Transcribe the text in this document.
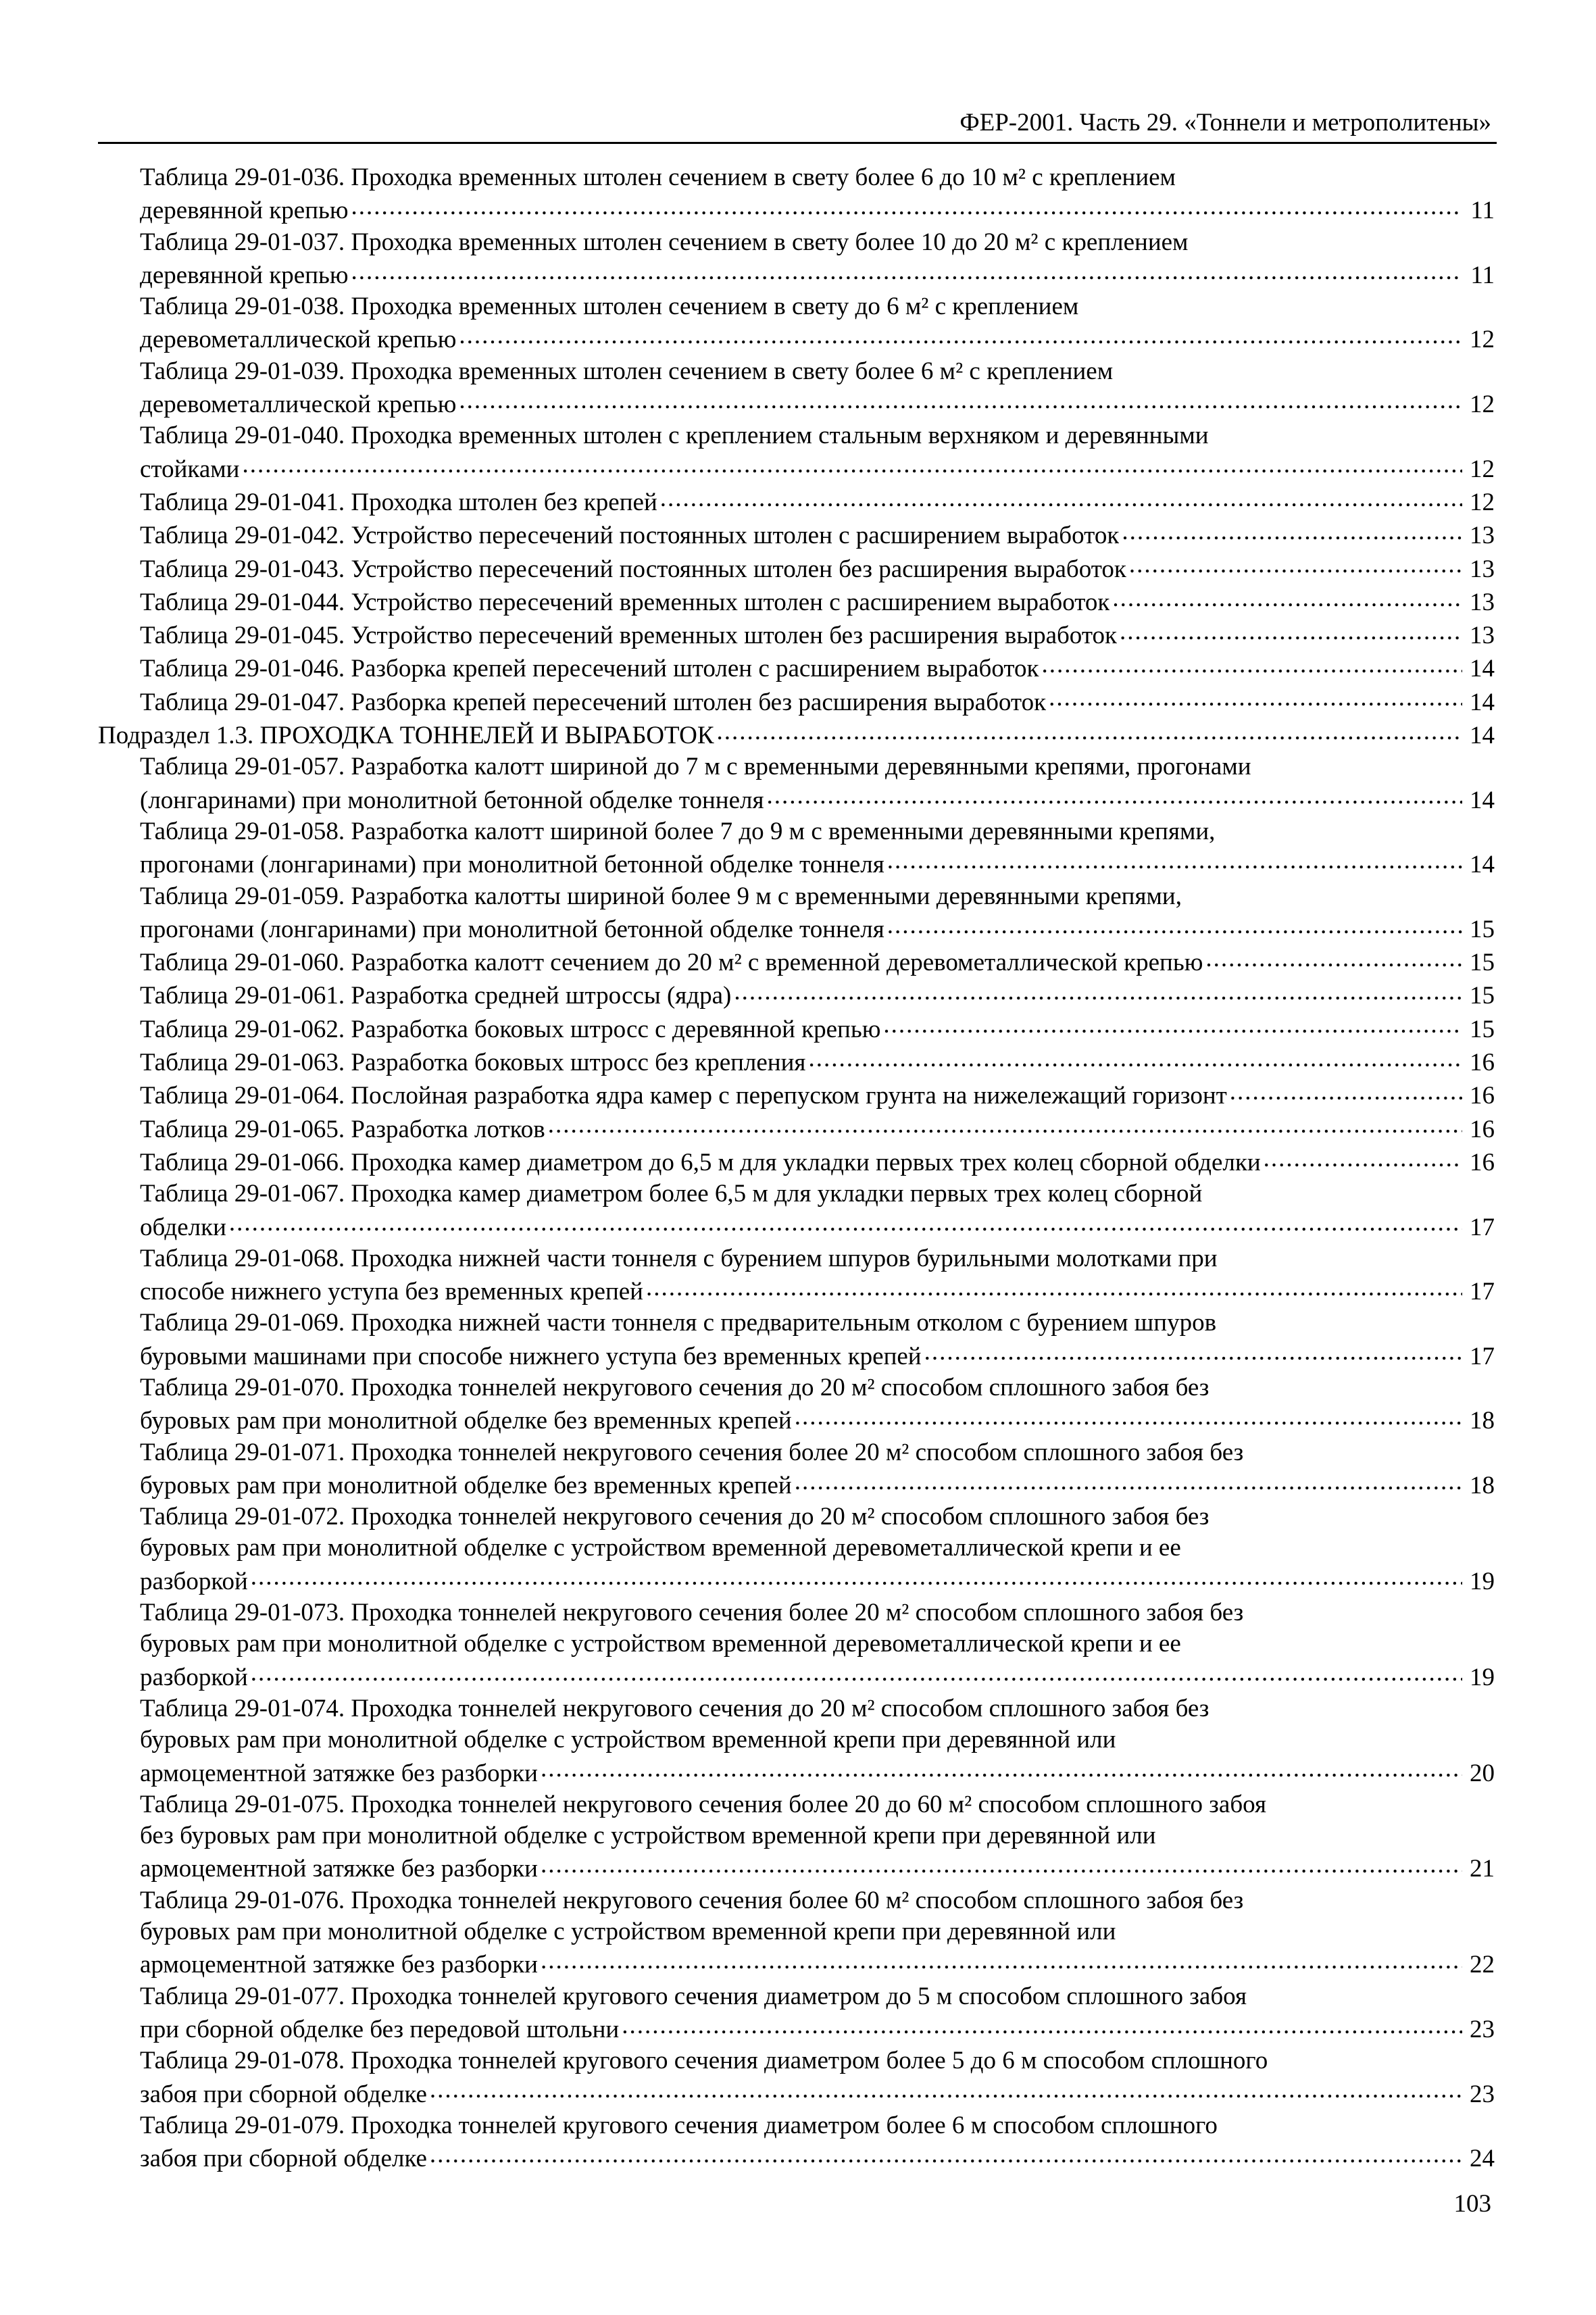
ФЕР-2001. Часть 29. «Тоннели и метрополитены»
Таблица 29-01-036. Проходка временных штолен сечением в свету более 6 до 10 м² с креплением
деревянной крепью .....	11
Таблица 29-01-037. Проходка временных штолен сечением в свету более 10 до 20 м² с креплением
деревянной крепью .....	11
Таблица 29-01-038. Проходка временных штолен сечением в свету до 6 м² с креплением
деревометаллической крепью .....	12
Таблица 29-01-039. Проходка временных штолен сечением в свету более 6 м² с креплением
деревометаллической крепью .....	12
Таблица 29-01-040. Проходка временных штолен с креплением стальным верхняком и деревянными
стойками .....	12
Таблица 29-01-041. Проходка штолен без крепей .....	12
Таблица 29-01-042. Устройство пересечений постоянных штолен с расширением выработок .....	13
Таблица 29-01-043. Устройство пересечений постоянных штолен без расширения выработок .....	13
Таблица 29-01-044. Устройство пересечений временных штолен с расширением выработок .....	13
Таблица 29-01-045. Устройство пересечений временных штолен без расширения выработок .....	13
Таблица 29-01-046. Разборка крепей пересечений штолен с расширением выработок .....	14
Таблица 29-01-047. Разборка крепей пересечений штолен без расширения выработок .....	14
Подраздел 1.3. ПРОХОДКА ТОННЕЛЕЙ И ВЫРАБОТОК .....	14
Таблица 29-01-057. Разработка калотт шириной до 7 м с временными деревянными крепями, прогонами
(лонгаринами) при монолитной бетонной обделке тоннеля .....	14
Таблица 29-01-058. Разработка калотт шириной более 7 до 9 м с временными деревянными крепями,
прогонами (лонгаринами) при монолитной бетонной обделке тоннеля .....	14
Таблица 29-01-059. Разработка калотты шириной более 9 м с временными деревянными крепями,
прогонами (лонгаринами) при монолитной бетонной обделке тоннеля .....	15
Таблица 29-01-060. Разработка калотт сечением до 20 м² с временной деревометаллической крепью .....	15
Таблица 29-01-061. Разработка средней штроссы (ядра) .....	15
Таблица 29-01-062. Разработка боковых штросс с деревянной крепью .....	15
Таблица 29-01-063. Разработка боковых штросс без крепления .....	16
Таблица 29-01-064. Послойная разработка ядра камер с перепуском грунта на нижележащий горизонт .....	16
Таблица 29-01-065. Разработка лотков .....	16
Таблица 29-01-066. Проходка камер диаметром до 6,5 м для укладки первых трех колец сборной обделки .....	16
Таблица 29-01-067. Проходка камер диаметром более 6,5 м для укладки первых трех колец сборной
обделки .....	17
Таблица 29-01-068. Проходка нижней части тоннеля с бурением шпуров бурильными молотками при
способе нижнего уступа без временных крепей .....	17
Таблица 29-01-069. Проходка нижней части тоннеля с предварительным отколом с бурением шпуров
буровыми машинами при способе нижнего уступа без временных крепей .....	17
Таблица 29-01-070. Проходка тоннелей некругового сечения до 20 м² способом сплошного забоя без
буровых рам при монолитной обделке без временных крепей .....	18
Таблица 29-01-071. Проходка тоннелей некругового сечения более 20 м² способом сплошного забоя без
буровых рам при монолитной обделке без временных крепей .....	18
Таблица 29-01-072. Проходка тоннелей некругового сечения до 20 м² способом сплошного забоя без
буровых рам при монолитной обделке с устройством временной деревометаллической крепи и ее
разборкой .....	19
Таблица 29-01-073. Проходка тоннелей некругового сечения более 20 м² способом сплошного забоя без
буровых рам при монолитной обделке с устройством временной деревометаллической крепи и ее
разборкой .....	19
Таблица 29-01-074. Проходка тоннелей некругового сечения до 20 м² способом сплошного забоя без
буровых рам при монолитной обделке с устройством временной крепи при деревянной или
армоцементной затяжке без разборки .....	20
Таблица 29-01-075. Проходка тоннелей некругового сечения более 20 до 60 м² способом сплошного забоя
без буровых рам при монолитной обделке с устройством временной крепи при деревянной или
армоцементной затяжке без разборки .....	21
Таблица 29-01-076. Проходка тоннелей некругового сечения более 60 м² способом сплошного забоя без
буровых рам при монолитной обделке с устройством временной крепи при деревянной или
армоцементной затяжке без разборки .....	22
Таблица 29-01-077. Проходка тоннелей кругового сечения диаметром до 5 м способом сплошного забоя
при сборной обделке без передовой штольни .....	23
Таблица 29-01-078. Проходка тоннелей кругового сечения диаметром более 5 до 6 м способом сплошного
забоя при сборной обделке .....	23
Таблица 29-01-079. Проходка тоннелей кругового сечения диаметром более 6 м способом сплошного
забоя при сборной обделке .....	24
103
